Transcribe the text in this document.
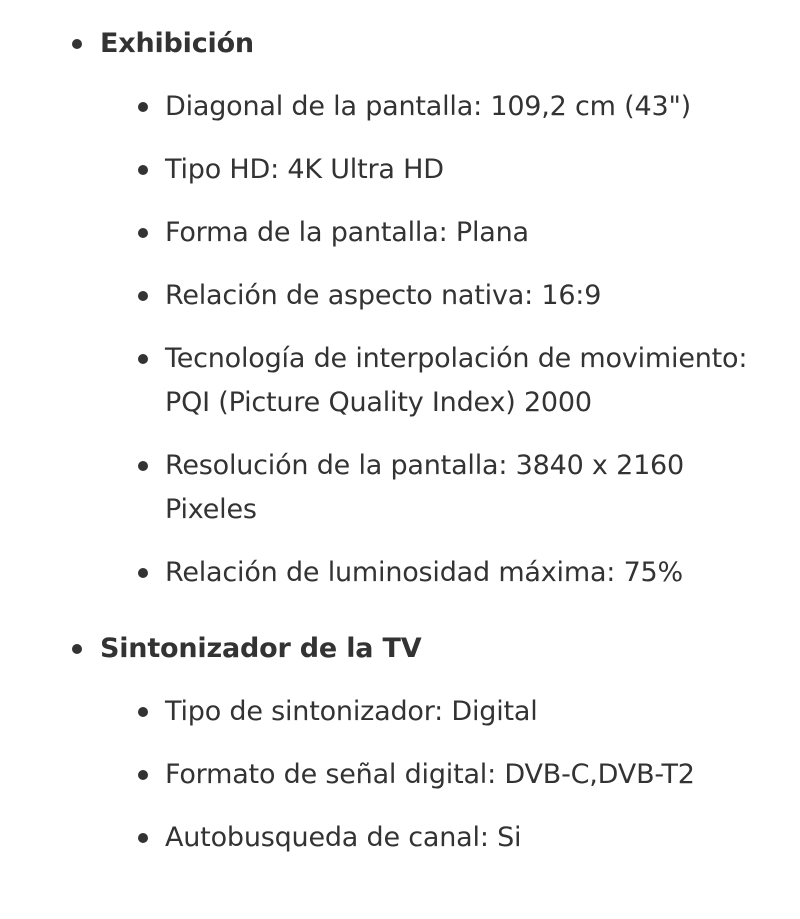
Exhibición
Diagonal de la pantalla: 109,2 cm (43")
Tipo HD: 4K Ultra HD
Forma de la pantalla: Plana
Relación de aspecto nativa: 16:9
Tecnología de interpolación de movimiento: PQI (Picture Quality Index) 2000
Resolución de la pantalla: 3840 x 2160 Pixeles
Relación de luminosidad máxima: 75%
Sintonizador de la TV
Tipo de sintonizador: Digital
Formato de señal digital: DVB-C,DVB-T2
Autobusqueda de canal: Si
